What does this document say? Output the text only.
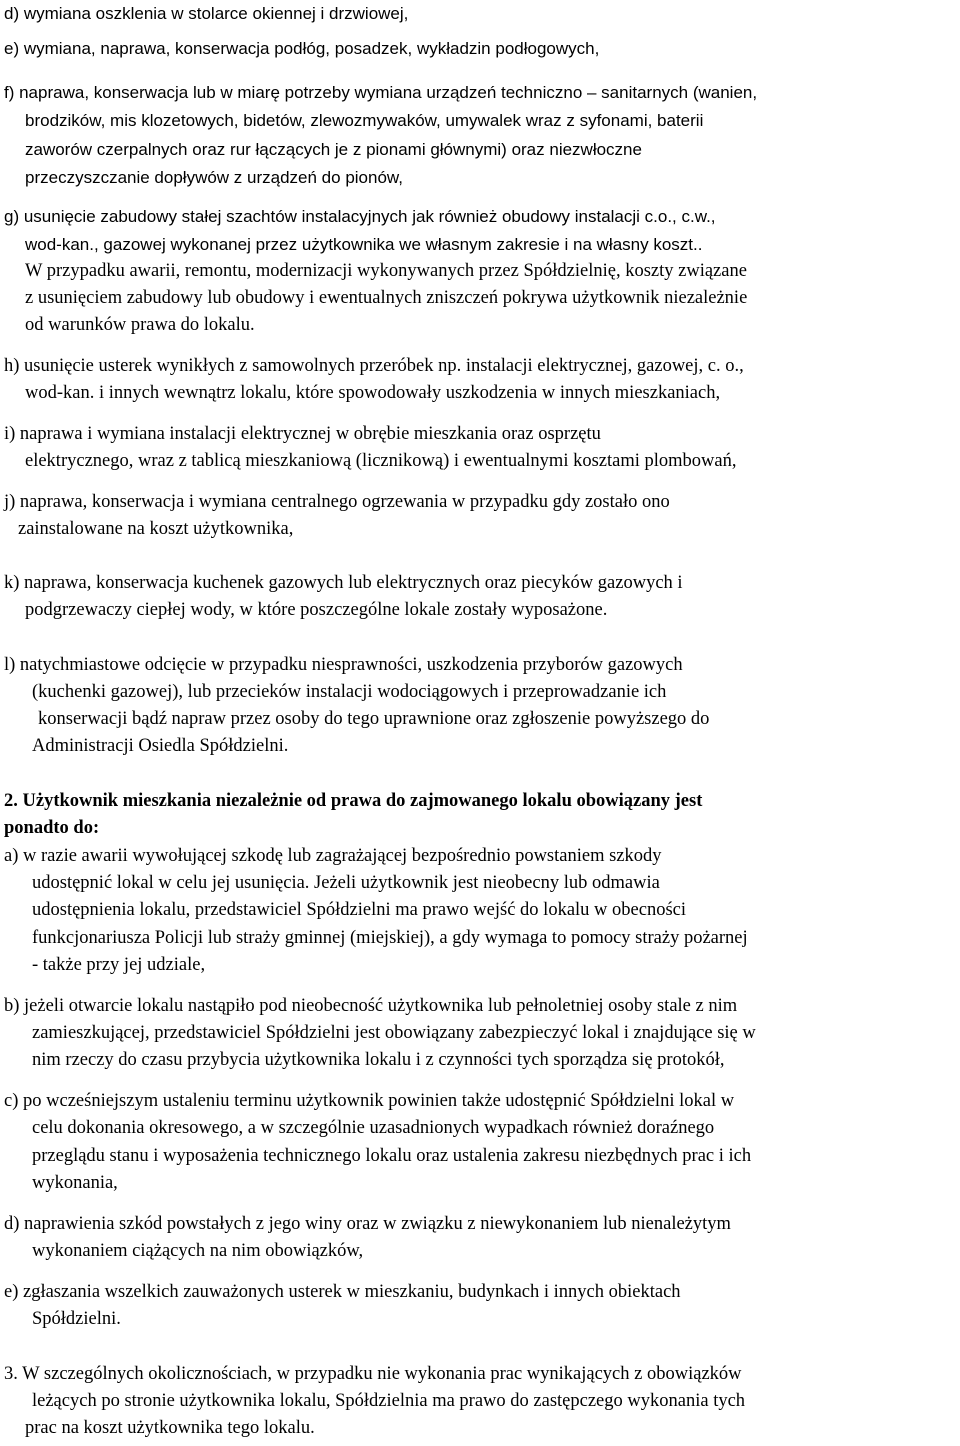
d) wymiana oszklenia w stolarce okiennej i drzwiowej,
e) wymiana, naprawa, konserwacja podłóg, posadzek, wykładzin podłogowych,
f) naprawa, konserwacja lub w miarę potrzeby wymiana urządzeń techniczno – sanitarnych (wanien,
brodzików, mis klozetowych, bidetów, zlewozmywaków, umywalek wraz z syfonami, baterii
zaworów czerpalnych oraz rur łączących je z pionami głównymi) oraz niezwłoczne
przeczyszczanie dopływów z urządzeń do pionów,
g) usunięcie zabudowy stałej szachtów instalacyjnych jak również obudowy instalacji c.o., c.w.,
wod-kan., gazowej wykonanej przez użytkownika we własnym zakresie i na własny koszt..
W przypadku awarii, remontu, modernizacji wykonywanych przez Spółdzielnię, koszty związane
z usunięciem zabudowy lub obudowy i ewentualnych zniszczeń pokrywa użytkownik niezależnie
od warunków prawa do lokalu.
h) usunięcie usterek wynikłych z samowolnych przeróbek np. instalacji elektrycznej, gazowej, c. o.,
wod-kan. i innych wewnątrz lokalu, które spowodowały uszkodzenia w innych mieszkaniach,
i) naprawa i wymiana instalacji elektrycznej w obrębie mieszkania oraz osprzętu
elektrycznego, wraz z tablicą mieszkaniową (licznikową) i ewentualnymi kosztami plombowań,
j) naprawa, konserwacja i wymiana centralnego ogrzewania w przypadku gdy zostało ono
zainstalowane na koszt użytkownika,
k) naprawa, konserwacja kuchenek gazowych lub elektrycznych oraz piecyków gazowych i
podgrzewaczy ciepłej wody, w które poszczególne lokale zostały wyposażone.
l) natychmiastowe odcięcie w przypadku niesprawności, uszkodzenia przyborów gazowych
(kuchenki gazowej), lub przecieków instalacji wodociągowych i przeprowadzanie ich
konserwacji bądź napraw przez osoby do tego uprawnione oraz zgłoszenie powyższego do
Administracji Osiedla Spółdzielni.
2. Użytkownik mieszkania niezależnie od prawa do zajmowanego lokalu obowiązany jest
ponadto do:
a) w razie awarii wywołującej szkodę lub zagrażającej bezpośrednio powstaniem szkody
udostępnić lokal w celu jej usunięcia. Jeżeli użytkownik jest nieobecny lub odmawia
udostępnienia lokalu, przedstawiciel Spółdzielni ma prawo wejść do lokalu w obecności
funkcjonariusza Policji lub straży gminnej (miejskiej), a gdy wymaga to pomocy straży pożarnej
- także przy jej udziale,
b) jeżeli otwarcie lokalu nastąpiło pod nieobecność użytkownika lub pełnoletniej osoby stale z nim
zamieszkującej, przedstawiciel Spółdzielni jest obowiązany zabezpieczyć lokal i znajdujące się w
nim rzeczy do czasu przybycia użytkownika lokalu i z czynności tych sporządza się protokół,
c) po wcześniejszym ustaleniu terminu użytkownik powinien także udostępnić Spółdzielni lokal w
celu dokonania okresowego, a w szczególnie uzasadnionych wypadkach również doraźnego
przeglądu stanu i wyposażenia technicznego lokalu oraz ustalenia zakresu niezbędnych prac i ich
wykonania,
d) naprawienia szkód powstałych z jego winy oraz w związku z niewykonaniem lub nienależytym
wykonaniem ciążących na nim obowiązków,
e) zgłaszania wszelkich zauważonych usterek w mieszkaniu, budynkach i innych obiektach
Spółdzielni.
3. W szczególnych okolicznościach, w przypadku nie wykonania prac wynikających z obowiązków
leżących po stronie użytkownika lokalu, Spółdzielnia ma prawo do zastępczego wykonania tych
prac na koszt użytkownika tego lokalu.
